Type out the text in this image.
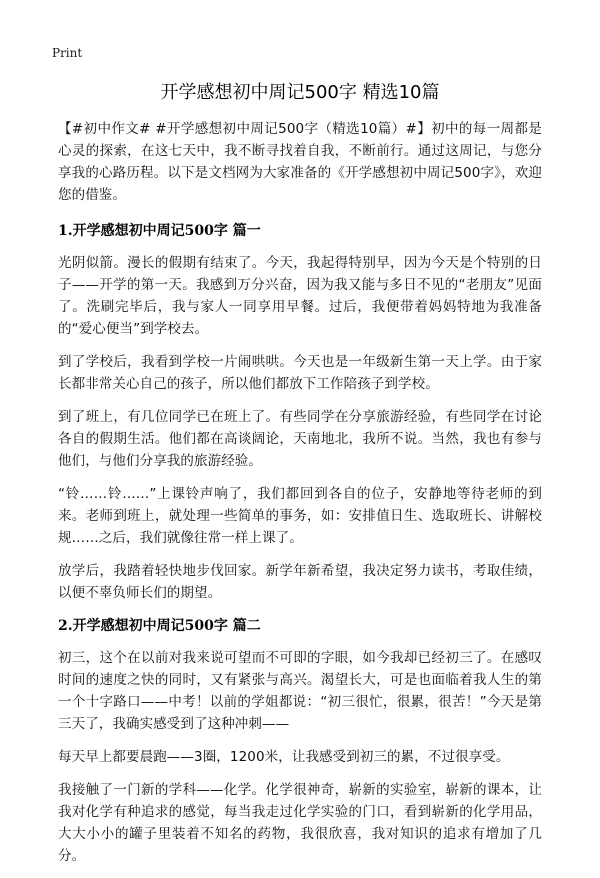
Print

开学感想初中周记500字 精选10篇

【#初中作文# #开学感想初中周记500字（精选10篇）#】初中的每一周都是心灵的探索，在这七天中，我不断寻找着自我，不断前行。通过这周记，与您分享我的心路历程。以下是文档网为大家准备的《开学感想初中周记500字》，欢迎您的借鉴。

1.开学感想初中周记500字 篇一

光阴似箭。漫长的假期有结束了。今天，我起得特别早，因为今天是个特别的日子——开学的第一天。我感到万分兴奋，因为我又能与多日不见的“老朋友”见面了。洗刷完毕后，我与家人一同享用早餐。过后，我便带着妈妈特地为我准备的“爱心便当”到学校去。

到了学校后，我看到学校一片闹哄哄。今天也是一年级新生第一天上学。由于家长都非常关心自己的孩子，所以他们都放下工作陪孩子到学校。

到了班上，有几位同学已在班上了。有些同学在分享旅游经验，有些同学在讨论各自的假期生活。他们都在高谈阔论，天南地北，我所不说。当然，我也有参与他们，与他们分享我的旅游经验。

“铃……铃……”上课铃声响了，我们都回到各自的位子，安静地等待老师的到来。老师到班上，就处理一些简单的事务，如：安排值日生、选取班长、讲解校规……之后，我们就像往常一样上课了。

放学后，我踏着轻快地步伐回家。新学年新希望，我决定努力读书，考取佳绩，以便不辜负师长们的期望。

2.开学感想初中周记500字 篇二

初三，这个在以前对我来说可望而不可即的字眼，如今我却已经初三了。在感叹时间的速度之快的同时，又有紧张与高兴。渴望长大，可是也面临着我人生的第一个十字路口——中考！以前的学姐都说：“初三很忙，很累，很苦！”今天是第三天了，我确实感受到了这种冲刺——

每天早上都要晨跑——3圈，1200米，让我感受到初三的累，不过很享受。

我接触了一门新的学科——化学。化学很神奇，崭新的实验室，崭新的课本，让我对化学有种追求的感觉，每当我走过化学实验的门口，看到崭新的化学用品，大大小小的罐子里装着不知名的药物，我很欣喜，我对知识的追求有增加了几分。
